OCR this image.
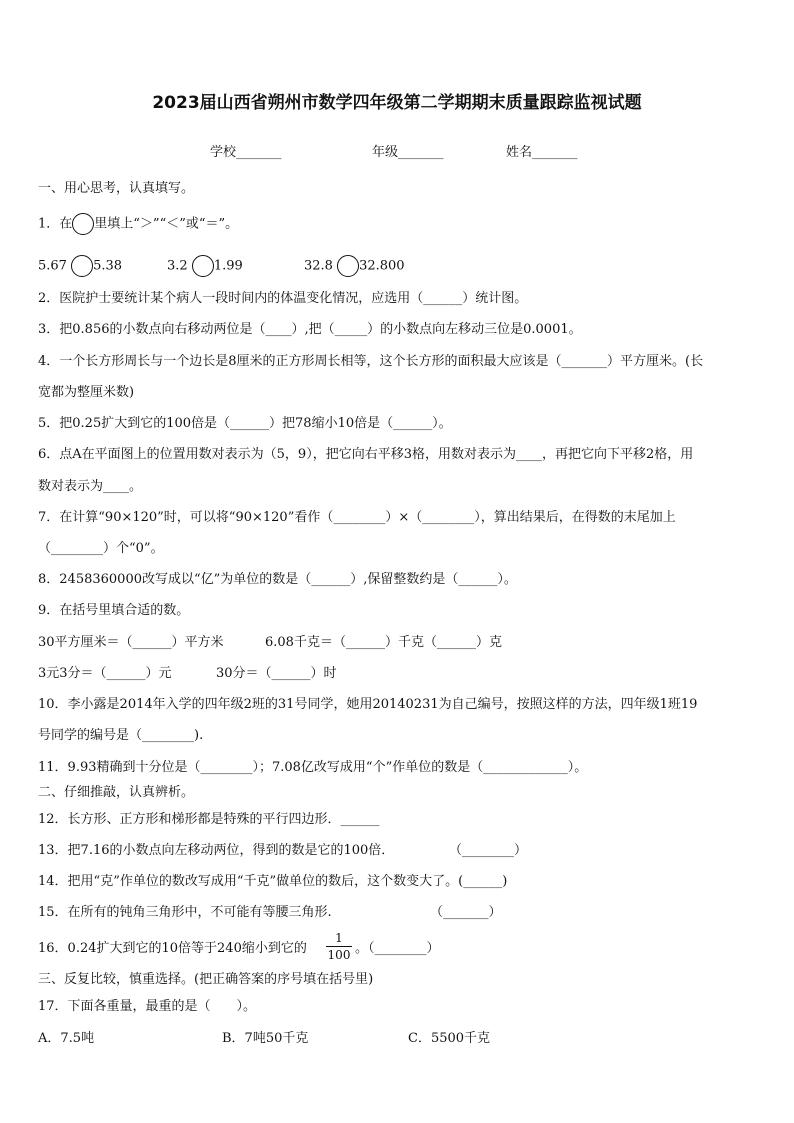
2023届山西省朔州市数学四年级第二学期期末质量跟踪监视试题
学校_______	年级_______	姓名_______
一、用心思考，认真填写。
1．在 里填上“＞”“＜”或“＝”。
5.67 5.38	3.2 1.99	32.8 32.800
2．医院护士要统计某个病人一段时间内的体温变化情况，应选用（______）统计图。
3．把0.856的小数点向右移动两位是（____）,把（_____）的小数点向左移动三位是0.0001。
4．一个长方形周长与一个边长是8厘米的正方形周长相等，这个长方形的面积最大应该是（_______）平方厘米。(长
宽都为整厘米数)
5．把0.25扩大到它的100倍是（______）把78缩小10倍是（______）。
6．点A在平面图上的位置用数对表示为（5，9），把它向右平移3格，用数对表示为____，再把它向下平移2格，用
数对表示为____。
7．在计算“90×120”时，可以将“90×120”看作（________）×（________），算出结果后，在得数的末尾加上
（________）个“0”。
8．2458360000改写成以“亿”为单位的数是（______）,保留整数约是（______）。
9．在括号里填合适的数。
30平方厘米＝（______）平方米	6.08千克＝（______）千克（______）克
3元3分＝（______）元	30分＝（______）时
10．李小露是2014年入学的四年级2班的31号同学，她用20140231为自己编号，按照这样的方法，四年级1班19
号同学的编号是（________).
11．9.93精确到十分位是（________）；7.08亿改写成用“个”作单位的数是（_____________）。
二、仔细推敲，认真辨析。
12．长方形、正方形和梯形都是特殊的平行四边形．______
13．把7.16的小数点向左移动两位，得到的数是它的100倍．	（________）
14．把用“克”作单位的数改写成用“千克”做单位的数后，这个数变大了。(______)
15．在所有的钝角三角形中，不可能有等腰三角形.	（_______）
16．0.24扩大到它的10倍等于240缩小到它的
1
100 。（________）
三、反复比较，慎重选择。(把正确答案的序号填在括号里)
17．下面各重量，最重的是（　　）。
A．7.5吨	B．7吨50千克	C．5500千克
